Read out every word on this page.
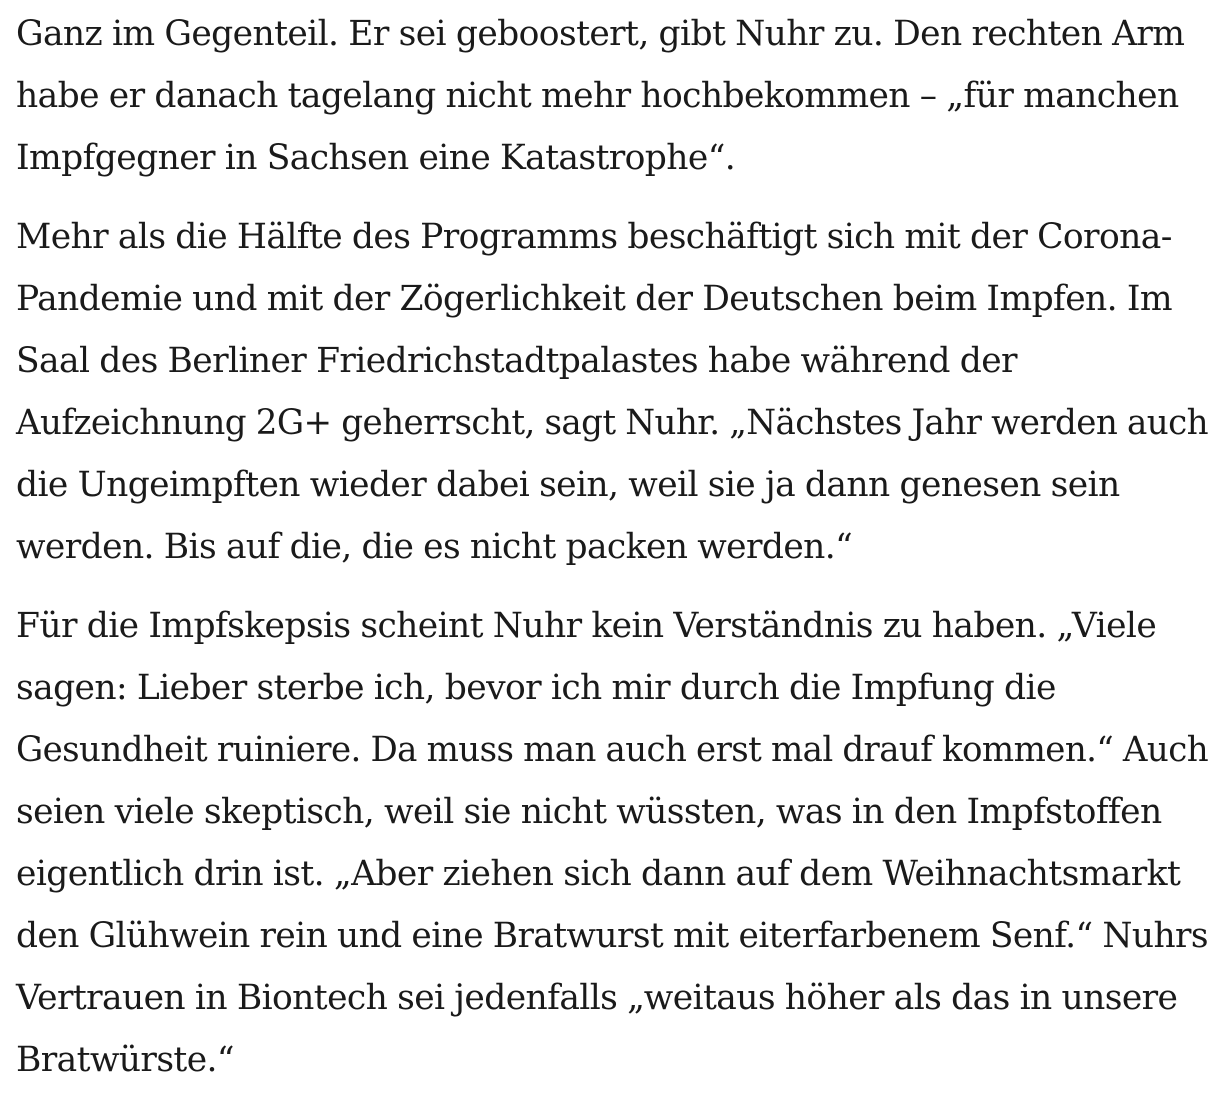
Ganz im Gegenteil. Er sei geboostert, gibt Nuhr zu. Den rechten Arm
habe er danach tagelang nicht mehr hochbekommen – „für manchen
Impfgegner in Sachsen eine Katastrophe“.

Mehr als die Hälfte des Programms beschäftigt sich mit der Corona-
Pandemie und mit der Zögerlichkeit der Deutschen beim Impfen. Im
Saal des Berliner Friedrichstadtpalastes habe während der
Aufzeichnung 2G+ geherrscht, sagt Nuhr. „Nächstes Jahr werden auch
die Ungeimpften wieder dabei sein, weil sie ja dann genesen sein
werden. Bis auf die, die es nicht packen werden.“

Für die Impfskepsis scheint Nuhr kein Verständnis zu haben. „Viele
sagen: Lieber sterbe ich, bevor ich mir durch die Impfung die
Gesundheit ruiniere. Da muss man auch erst mal drauf kommen.“ Auch
seien viele skeptisch, weil sie nicht wüssten, was in den Impfstoffen
eigentlich drin ist. „Aber ziehen sich dann auf dem Weihnachtsmarkt
den Glühwein rein und eine Bratwurst mit eiterfarbenem Senf.“ Nuhrs
Vertrauen in Biontech sei jedenfalls „weitaus höher als das in unsere
Bratwürste.“
